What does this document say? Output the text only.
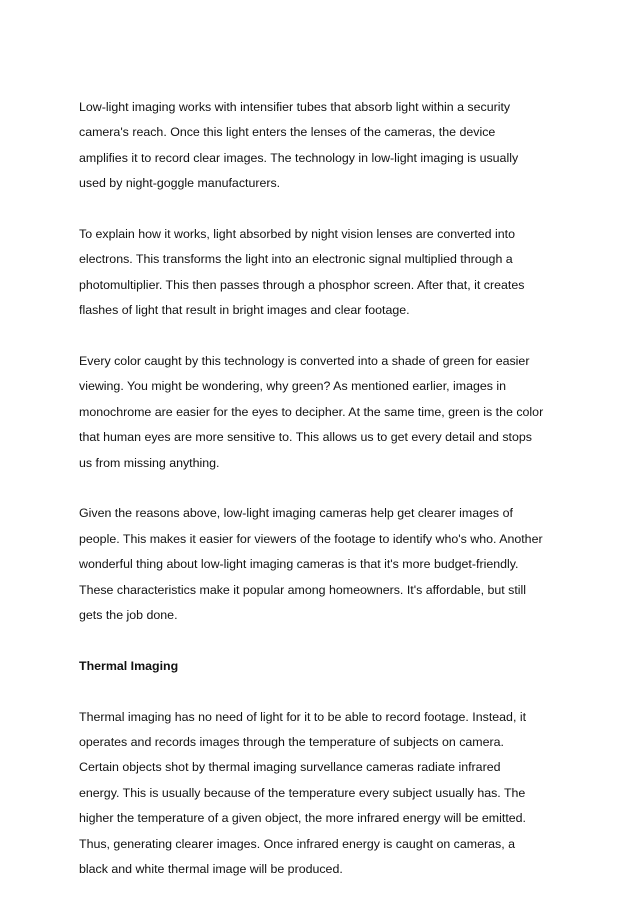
Low-light imaging works with intensifier tubes that absorb light within a security
camera's reach. Once this light enters the lenses of the cameras, the device
amplifies it to record clear images. The technology in low-light imaging is usually
used by night-goggle manufacturers.

To explain how it works, light absorbed by night vision lenses are converted into
electrons. This transforms the light into an electronic signal multiplied through a
photomultiplier. This then passes through a phosphor screen. After that, it creates
flashes of light that result in bright images and clear footage.

Every color caught by this technology is converted into a shade of green for easier
viewing. You might be wondering, why green? As mentioned earlier, images in
monochrome are easier for the eyes to decipher. At the same time, green is the color
that human eyes are more sensitive to. This allows us to get every detail and stops
us from missing anything.

Given the reasons above, low-light imaging cameras help get clearer images of
people. This makes it easier for viewers of the footage to identify who's who. Another
wonderful thing about low-light imaging cameras is that it's more budget-friendly.
These characteristics make it popular among homeowners. It's affordable, but still
gets the job done.

Thermal Imaging

Thermal imaging has no need of light for it to be able to record footage. Instead, it
operates and records images through the temperature of subjects on camera.
Certain objects shot by thermal imaging survellance cameras radiate infrared
energy. This is usually because of the temperature every subject usually has. The
higher the temperature of a given object, the more infrared energy will be emitted.
Thus, generating clearer images. Once infrared energy is caught on cameras, a
black and white thermal image will be produced.
